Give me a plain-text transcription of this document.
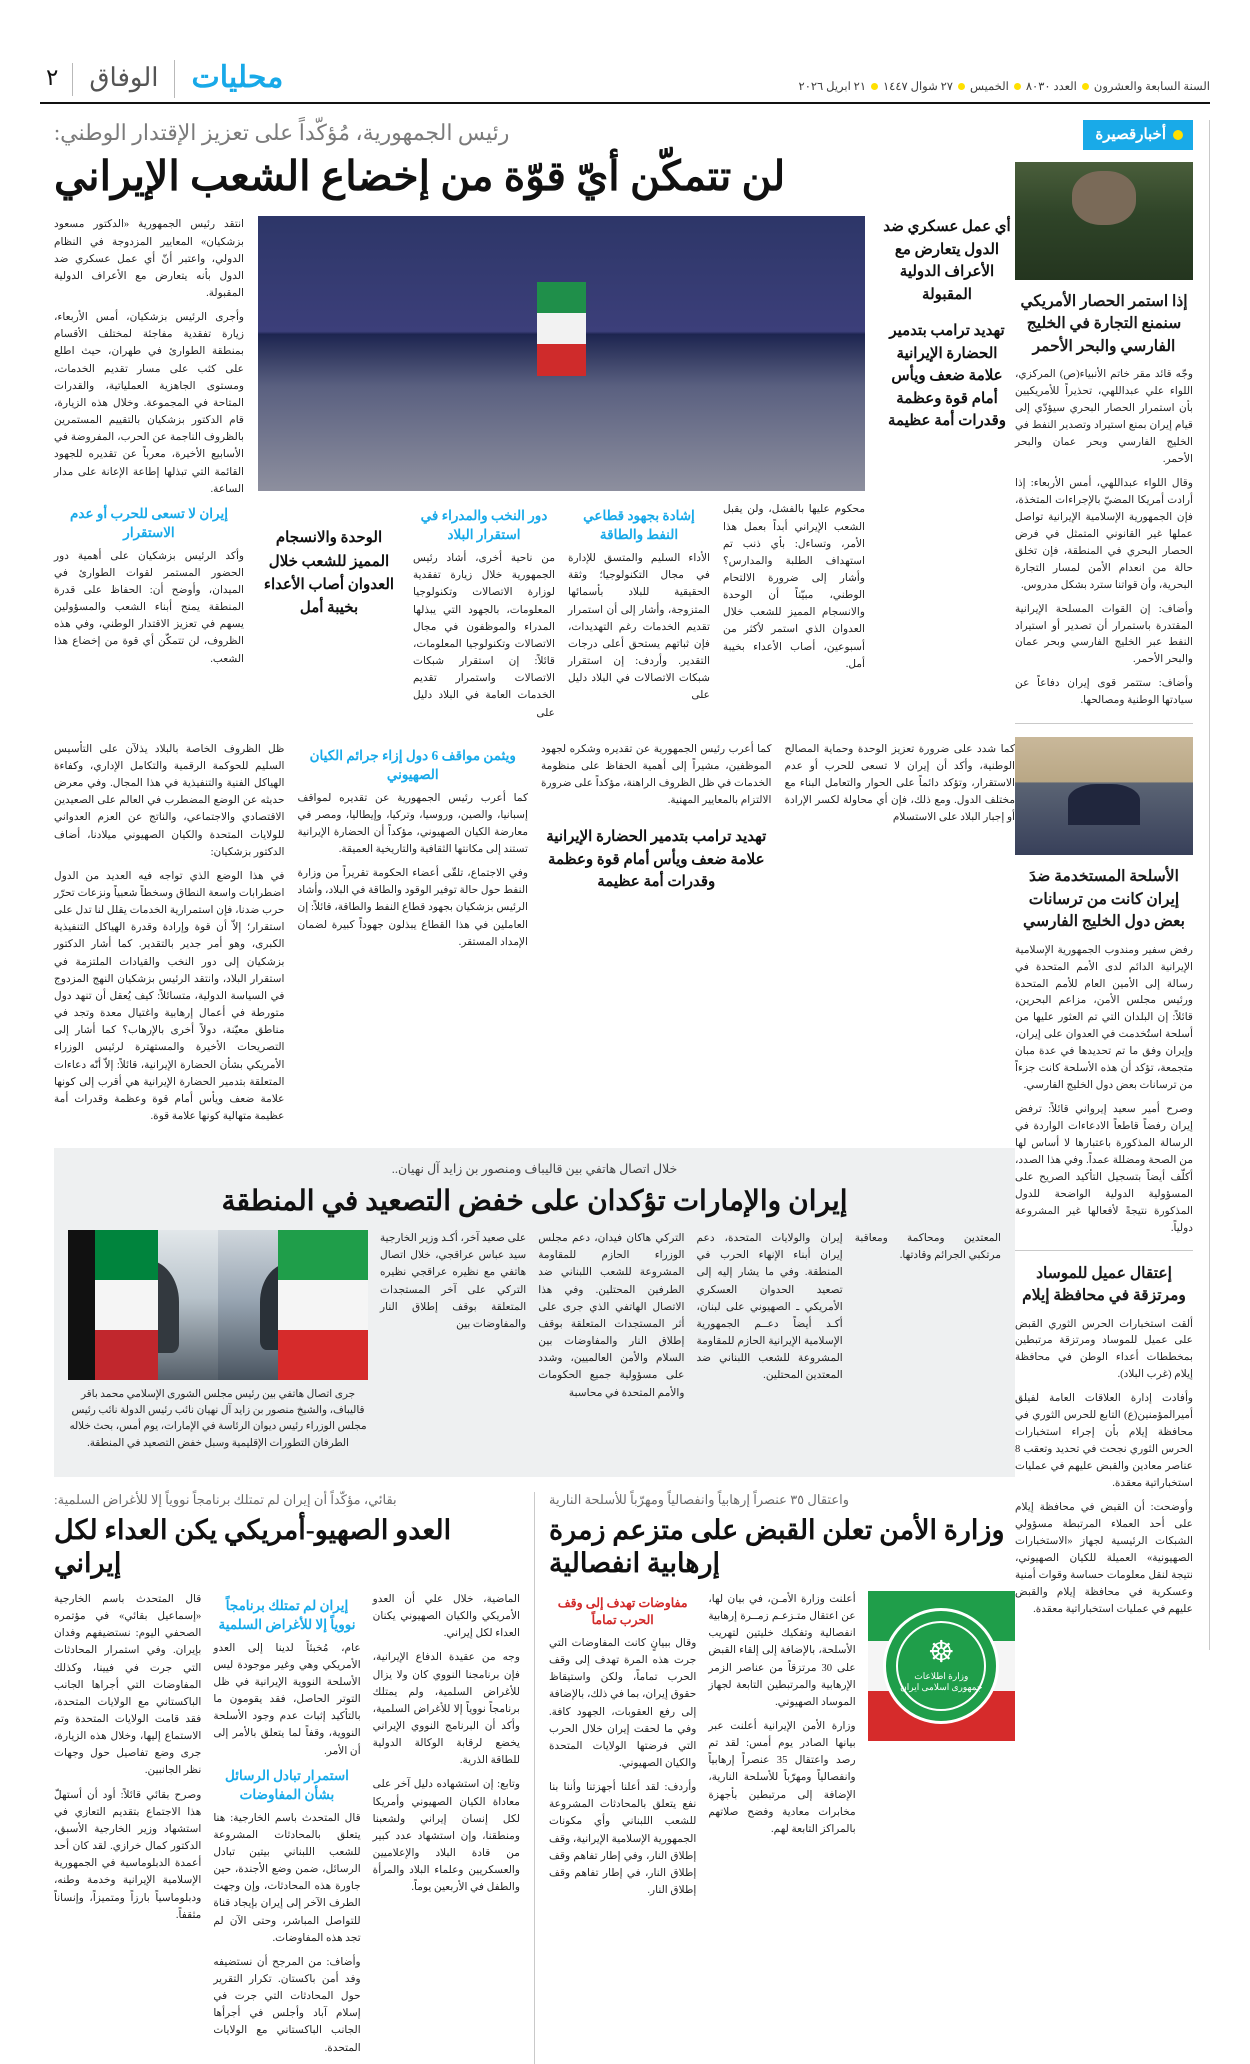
السنة السابعة والعشرون
العدد ٨٠٣٠
الخميس
٢٧ شوال ١٤٤٧
٢١ ابريل ٢٠٢٦
محليات
الوفاق
٢

رئيس الجمهورية، مُؤكّداً على تعزيز الإقتدار الوطني:

لن تتمكّن أيّ قوّة من إخضاع الشعب الإيراني

انتقد رئيس الجمهورية «الدكتور مسعود بزشكيان» المعايير المزدوجة في النظام الدولي، واعتبر أنّ أي عمل عسكري ضد الدول بأنه يتعارض مع الأعراف الدولية المقبولة.

وأجرى الرئيس بزشكيان، أمس الأربعاء، زيارة تفقدية مفاجئة لمختلف الأقسام بمنطقة الطوارئ في طهران، حيث اطلع على كثب على مسار تقديم الخدمات، ومستوى الجاهزية العملياتية، والقدرات المتاحة في المجموعة. وخلال هذه الزيارة، قام الدكتور بزشكيان بالتقييم المستمرين بالظروف الناجمة عن الحرب، المفروضة في الأسابيع الأخيرة، معرباً عن تقديره للجهود القائمة التي تبذلها إطاعة الإعانة على مدار الساعة.

إيران لا تسعى للحرب أو عدم الاستقرار

وأكد الرئيس بزشكيان على أهمية دور الحضور المستمر لقوات الطوارئ في الميدان، وأوضح أن: الحفاظ على قدرة المنطقة يمنح أبناء الشعب والمسؤولين يسهم في تعزيز الاقتدار الوطني، وفي هذه الظروف، لن تتمكّن أي قوة من إخضاع هذا الشعب.

الوحدة والانسجام المميز للشعب خلال العدوان أصاب الأعداء بخيبة أمل
دور النخب والمدراء في استقرار البلاد

من ناحية أخرى، أشاد رئيس الجمهورية خلال زيارة تفقدية لوزارة الاتصالات وتكنولوجيا المعلومات، بالجهود التي يبذلها المدراء والموظفون في مجال الاتصالات وتكنولوجيا المعلومات، قائلاً: إن استقرار شبكات الاتصالات واستمرار تقديم الخدمات العامة في البلاد دليل على

إشادة بجهود قطاعي النفط والطاقة

الأداء السليم والمتسق للإدارة في مجال التكنولوجيا؛ وثقة الحقيقية للبلاد بأسمائها المتزوجة، وأشار إلى أن استمرار تقديم الخدمات رغم التهديدات، فإن ثباتهم يستحق أعلى درجات التقدير. وأردف: إن استقرار شبكات الاتصالات في البلاد دليل على

محكوم عليها بالفشل، ولن يقبل الشعب الإيراني أبداً بعمل هذا الأمر، وتساءل: بأي ذنب تم استهداف الطلبة والمدارس؟ وأشار إلى ضرورة الالتحام الوطني، مبيّناً أن الوحدة والانسجام المميز للشعب خلال العدوان الذي استمر لأكثر من أسبوعين، أصاب الأعداء بخيبة أمل.

أي عمل عسكري ضد الدول يتعارض مع الأعراف الدولية المقبولة
تهديد ترامب بتدمير الحضارة الإيرانية علامة ضعف ويأس أمام قوة وعظمة وقدرات أمة عظيمة

ظل الظروف الخاصة بالبلاد يذلآن على التأسيس السليم للحوكمة الرقمية والتكامل الإداري، وكفاءة الهياكل الفنية والتنفيذية في هذا المجال. وفي معرض حديثه عن الوضع المضطرب في العالم على الصعيدين الاقتصادي والاجتماعي، والناتج عن العزم العدواني للولايات المتحدة والكيان الصهيوني ميلادنا، أضاف الدكتور بزشكيان:

في هذا الوضع الذي تواجه فيه العديد من الدول اضطرابات واسعة النطاق وسخطاً شعبياً ونزعات تحرّر حرب ضدنا، فإن استمرارية الخدمات يقلل لنا تدل على استقرار؛ إلاّ أن قوة وإرادة وقدرة الهياكل التنفيذية الكبرى، وهو أمر جدير بالتقدير. كما أشار الدكتور بزشكيان إلى دور النخب والقيادات الملتزمة في استقرار البلاد، وانتقد الرئيس بزشكيان النهج المزدوج في السياسة الدولية، متسائلاً: كيف يُعقل أن تنهد دول متورطة في أعمال إرهابية واغتيال معدة وتجد في مناطق معيّنة، دولاً أخرى بالإرهاب؟ كما أشار إلى التصريحات الأخيرة والمستهترة لرئيس الوزراء الأمريكي بشأن الحضارة الإيرانية، قائلاً: إلاّ أنّه دعاءات المتعلقة بتدمير الحضارة الإيرانية هي أقرب إلى كونها علامة ضعف ويأس أمام قوة وعظمة وقدرات أمة عظيمة متهالية كونها علامة قوة.

ويثمن مواقف 6 دول إزاء جرائم الكيان الصهيوني

كما أعرب رئيس الجمهورية عن تقديره لمواقف إسبانيا، والصين، وروسيا، وتركيا، وإيطاليا، ومصر في معارضة الكيان الصهيوني، مؤكداً أن الحضارة الإيرانية تستند إلى مكانتها الثقافية والتاريخية العميقة.

وفي الاجتماع، تلقّى أعضاء الحكومة تقريراً من وزارة النفط حول حالة توفير الوقود والطاقة في البلاد، وأشاد الرئيس بزشكيان بجهود قطاع النفط والطاقة، قائلاً: إن العاملين في هذا القطاع يبذلون جهوداً كبيرة لضمان الإمداد المستقر.

كما أعرب رئيس الجمهورية عن تقديره وشكره لجهود الموظفين، مشيراً إلى أهمية الحفاظ على منظومة الخدمات في ظل الظروف الراهنة، مؤكداً على ضرورة الالتزام بالمعايير المهنية.

تهديد ترامب بتدمير الحضارة الإيرانية علامة ضعف ويأس أمام قوة وعظمة وقدرات أمة عظيمة

كما شدد على ضرورة تعزيز الوحدة وحماية المصالح الوطنية، وأكد أن إيران لا تسعى للحرب أو عدم الاستقرار، وتؤكد دائماً على الحوار والتعامل البناء مع مختلف الدول. ومع ذلك، فإن أي محاولة لكسر الإرادة أو إجبار البلاد على الاستسلام

خلال اتصال هاتفي بين قاليباف ومنصور بن زايد آل نهيان..

إيران والإمارات تؤكدان على خفض التصعيد في المنطقة

جرى اتصال هاتفي بين رئيس مجلس الشورى الإسلامي محمد باقر قاليباف، والشيخ منصور بن زايد آل نهيان نائب رئيس الدولة نائب رئيس مجلس الوزراء رئيس ديوان الرئاسة في الإمارات، يوم أمس، بحث خلاله الطرفان التطورات الإقليمية وسبل خفض التصعيد في المنطقة.

على صعيد آخر، أكـد وزير الخارجية سيد عباس عراقجي، خلال اتصال هاتفي مع نظيره عراقجي نظيره التركي على آخر المستجدات المتعلقة بوقف إطلاق النار والمفاوضات بين

التركي هاكان فيدان، دعم مجلس الوزراء الحازم للمقاومة المشروعة للشعب اللبناني ضد الطرفين المحتلين. وفي هذا الاتصال الهاتفي الذي جرى على أثر المستجدات المتعلقة بوقف إطلاق النار والمفاوضات بين السلام والأمن العالميين، وشدد على مسؤولية جميع الحكومات والأمم المتحدة في محاسبة

إيران والولايات المتحدة، دعم إيران أبناء الإنهاء الحرب في المنطقة. وفي ما يشار إليه إلى تصعيد الحدوان العسكري الأمريكي ـ الصهيوني على لبنان، أكـد أيضاً دعــم الجمهورية الإسلامية الإيرانية الحازم للمقاومة المشروعة للشعب اللبناني ضد المعتدين المحتلين.

المعتدين ومحاكمة ومعاقبة مرتكبي الجرائم وقادتها.

بقائي، مؤكّداً أن إيران لم تمتلك برنامجاً نووياً إلا للأغراض السلمية:

العدو الصهيو-أمريكي يكن العداء لكل إيراني

قال المتحدث باسم الخارجية «إسماعيل بقائي» في مؤتمره الصحفي اليوم: نستضيفهم وفدان بإيران. وفي استمرار المحادثات التي جرت في فيينا، وكذلك المفاوضات التي أجراها الجانب الباكستاني مع الولايات المتحدة، فقد قامت الولايات المتحدة وتم الاستماع إليها، وخلال هذه الزيارة، جرى وضع تفاصيل حول وجهات نظر الجانبين.

وصرح بقائي قائلاً: أود أن أستهلّ هذا الاجتماع بتقديم التعازي في استشهاد وزير الخارجية الأسبق، الدكتور كمال خرازي. لقد كان أحد أعمدة الدبلوماسية في الجمهورية الإسلامية الإيرانية وخدمة وطنه، ودبلوماسياً بارزاً ومتميزاً، وإنساناً مثقفاً.

إيران لم تمتلك برنامجاً نووياً إلا للأغراض السلمية

عام، مُخبئاً لدينا إلى العدو الأمريكي وهي وغير موجودة ليس الأسلحة النووية الإيرانية في ظل التوتر الحاصل، فقد يقومون ما بالتأكيد إثبات عدم وجود الأسلحة النووية، وقفاً لما يتعلق بالأمر إلى أن الأمر.

استمرار تبادل الرسائل بشأن المفاوضات

قال المتحدث باسم الخارجية: هنا يتعلق بالمحادثات المشروعة للشعب اللبناني بيتين تبادل الرسائل، ضمن وضع الأجندة، حين جاورة هذه المحادثات، وإن وجهت الطرف الآخر إلى إيران بإيجاد قناة للتواصل المباشر، وحتى الآن لم تجد هذه المفاوضات.

وأضاف: من المرجح أن نستضيفه وفد أمن باكستان. تكرار التقرير حول المحادثات التي جرت في إسلام آباد وأجلس في أجرأها الجانب الباكستاني مع الولايات المتحدة.

الماضية، خلال علي أن العدو الأمريكي والكيان الصهيوني يكنان العداء لكل إيراني.

وجه من عقيدة الدفاع الإيرانية، فإن برنامجنا النووي كان ولا يزال للأغراض السلمية، ولم يمتلك برنامجاً نووياً إلا للأغراض السلمية، وأكد أن البرنامج النووي الإيراني يخضع لرقابة الوكالة الدولية للطاقة الذرية.

وتابع: إن استشهاده دليل آخر على معاداة الكيان الصهيوني وأمريكا لكل إنسان إيراني ولشعبنا ومنطقنا، وإن استشهاد عدد كبير من قادة البلاد والإعلاميين والعسكريين وعلماء البلاد والمرأة والطفل في الأربعين يوماً.

واعتقال ٣٥ عنصراً إرهابياً وانفصالياً ومهرّباً للأسلحة النارية

وزارة الأمن تعلن القبض على متزعم زمرة إرهابية انفصالية
مفاوضات تهدف إلى وقف الحرب تماماً

وقال ببيانٍ كانت المفاوضات التي جرت هذه المرة تهدف إلى وقف الحرب تماماً، ولكن واستيقاظ حقوق إيران، بما في ذلك، بالإضافة إلى رفع العقوبات، الجهود كافة. وفي ما لحقت إيران خلال الحرب التي فرضتها الولايات المتحدة والكيان الصهيوني.

وأردف: لقد أعلنا أجهزتنا وأننا بنا نفع يتعلق بالمحادثات المشروعة للشعب اللبناني وأي مكونات الجمهورية الإسلامية الإيرانية، وقف إطلاق النار، وفي إطار تفاهم وقف إطلاق النار، في إطار تفاهم وقف إطلاق النار.

أعلنت وزارة الأمـن، في بيان لها، عن اعتقال متـزعـم زمــرة إرهابية انفصالية وتفكيك خليتين لتهريب الأسلحة، بالإضافة إلى إلقاء القبض على 30 مرتزقاً من عناصر الزمر الإرهابية والمرتبطين التابعة لجهاز الموساد الصهيوني.

وزارة الأمن الإيرانية أعلنت عبر بيانها الصادر يوم أمس: لقد تم رصد واعتقال 35 عنصراً إرهابياً وانفصالياً ومهرّباً للأسلحة النارية، الإضافة إلى مرتبطين بأجهزة مخابرات معادية وفضح صلاتهم بالمراكز التابعة لهم.

☸
وزارة اطلاعات
جمهوری اسلامی ایران
أخبارقصيرة
إذا استمر الحصار الأمريكي سنمنع التجارة في الخليج الفارسي والبحر الأحمر

وجّه قائد مقر خاتم الأنبياء(ص) المركزي، اللواء علي عبداللهي، تحذيراً للأمريكيين بأن استمرار الحصار البحري سيؤدّي إلى قيام إيران بمنع استيراد وتصدير النفط في الخليج الفارسي وبحر عمان والبحر الأحمر.

وقال اللواء عبداللهي، أمس الأربعاء: إذا أرادت أمريكا المضيّ بالإجراءات المتخذة، فإن الجمهورية الإسلامية الإيرانية تواصل عملها غير القانوني المتمثل في فرض الحصار البحري في المنطقة، فإن تخلق حالة من انعدام الأمن لمسار التجارة البحرية، وأن قواتنا سترد بشكل مدروس.

وأضاف: إن القوات المسلحة الإيرانية المقتدرة باستمرار أن تصدير أو استيراد النفط عبر الخليج الفارسي وبحر عمان والبحر الأحمر.

وأضاف: ستتمر قوى إيران دفاعاً عن سيادتها الوطنية ومصالحها.

الأسلحة المستخدمة ضدَ إيران كانت من ترسانات بعض دول الخليج الفارسي

رفض سفير ومندوب الجمهورية الإسلامية الإيرانية الدائم لدى الأمم المتحدة في رسالة إلى الأمين العام للأمم المتحدة ورئيس مجلس الأمن، مزاعم البحرين، قائلاً: إن البلدان التي تم العثور عليها من أسلحة استُخدمت في العدوان على إيران، وإيران وفق ما تم تحديدها في عدة مبان متجمعة، تؤكد أن هذه الأسلحة كانت جزءاً من ترسانات بعض دول الخليج الفارسي.

وصرح أمير سعيد إيرواني قائلاً: ترفض إيران رفضاً قاطعاً الادعاءات الواردة في الرسالة المذكورة باعتبارها لا أساس لها من الصحة ومضللة عمداً. وفي هذا الصدد، أكلّف أيضاً بتسجيل التأكيد الصريح على المسؤولية الدولية الواضحة للدول المذكورة نتيجةً لأفعالها غير المشروعة دولياً.

إعتقال عميل للموساد ومرتزقة في محافظة إيلام

ألقت استخبارات الحرس الثوري القبض على عميل للموساد ومرتزقة مرتبطين بمخططات أعداء الوطن في محافظة إيلام (غرب البلاد).

وأفادت إدارة العلاقات العامة لفيلق أميرالمؤمنين(ع) التابع للحرس الثوري في محافظة إيلام بأن إجراء استخبارات الحرس الثوري نجحت في تحديد وتعقب 8 عناصر معادين والقبض عليهم في عمليات استخباراتية معقدة.

وأوضحت: أن القبض في محافظة إيلام على أحد العملاء المرتبطة مسؤولي الشبكات الرئيسية لجهاز «الاستخبارات الصهيونية» العميلة للكيان الصهيوني، نتيجة لنقل معلومات حساسة وقوات أمنية وعسكرية في محافظة إيلام والقبض عليهم في عمليات استخباراتية معقدة.
